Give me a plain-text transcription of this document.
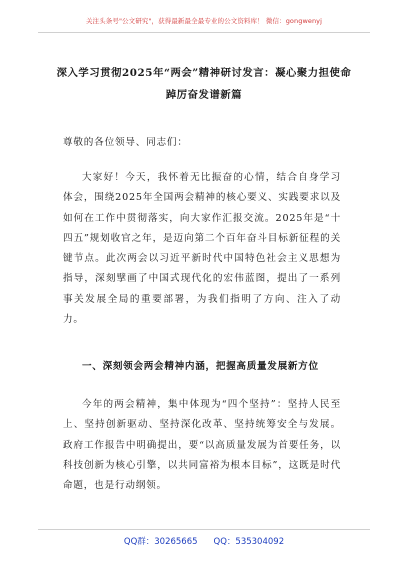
关注头条号"公文研究"，获得最新最全最专业的公文资料库！ 微信：gongwenyj
深入学习贯彻2025年“两会”精神研讨发言：凝心聚力担使命踔厉奋发谱新篇
尊敬的各位领导、同志们：

大家好！今天，我怀着无比振奋的心情，结合自身学习体会，围绕2025年全国两会精神的核心要义、实践要求以及如何在工作中贯彻落实，向大家作汇报交流。2025年是“十四五”规划收官之年，是迈向第二个百年奋斗目标新征程的关键节点。此次两会以习近平新时代中国特色社会主义思想为指导，深刻擘画了中国式现代化的宏伟蓝图，提出了一系列事关发展全局的重要部署，为我们指明了方向、注入了动力。

一、深刻领会两会精神内涵，把握高质量发展新方位

今年的两会精神，集中体现为“四个坚持”：坚持人民至上、坚持创新驱动、坚持深化改革、坚持统筹安全与发展。政府工作报告中明确提出，要“以高质量发展为首要任务，以科技创新为核心引擎，以共同富裕为根本目标”，这既是时代命题，也是行动纲领。

QQ群：30265665 QQ：535304092
